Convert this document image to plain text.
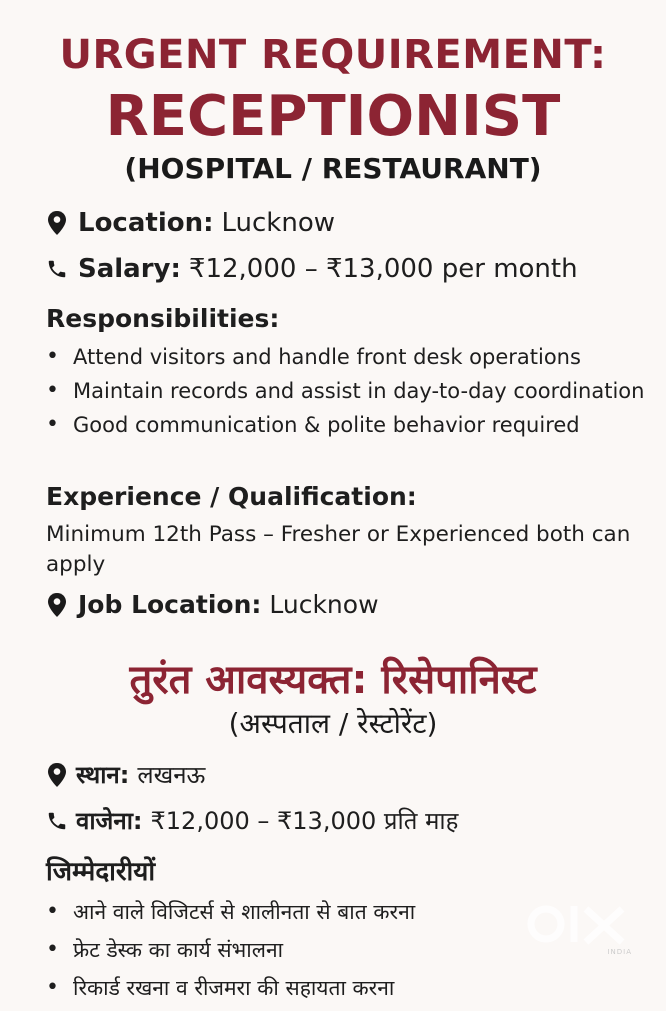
URGENT REQUIREMENT:
RECEPTIONIST
(HOSPITAL / RESTAURANT)
Location: Lucknow
Salary: ₹12,000 – ₹13,000 per month
Responsibilities:
• Attend visitors and handle front desk operations
• Maintain records and assist in day-to-day coordination
• Good communication & polite behavior required
Experience / Qualification:
Minimum 12th Pass – Fresher or Experienced both can apply
Job Location: Lucknow
तुरंत आवस्यक्त: रिसेपानिस्ट
(अस्पताल / रेस्टोरेंट)
स्थान: लखनऊ
वाजेना: ₹12,000 – ₹13,000 प्रति माह
जिम्मेदारीयों
• आने वाले विजिटर्स से शालीनता से बात करना
• फ्रेट डेस्क का कार्य संभालना
• रिकार्ड रखना व रीजमरा की सहायता करना
INDIA
